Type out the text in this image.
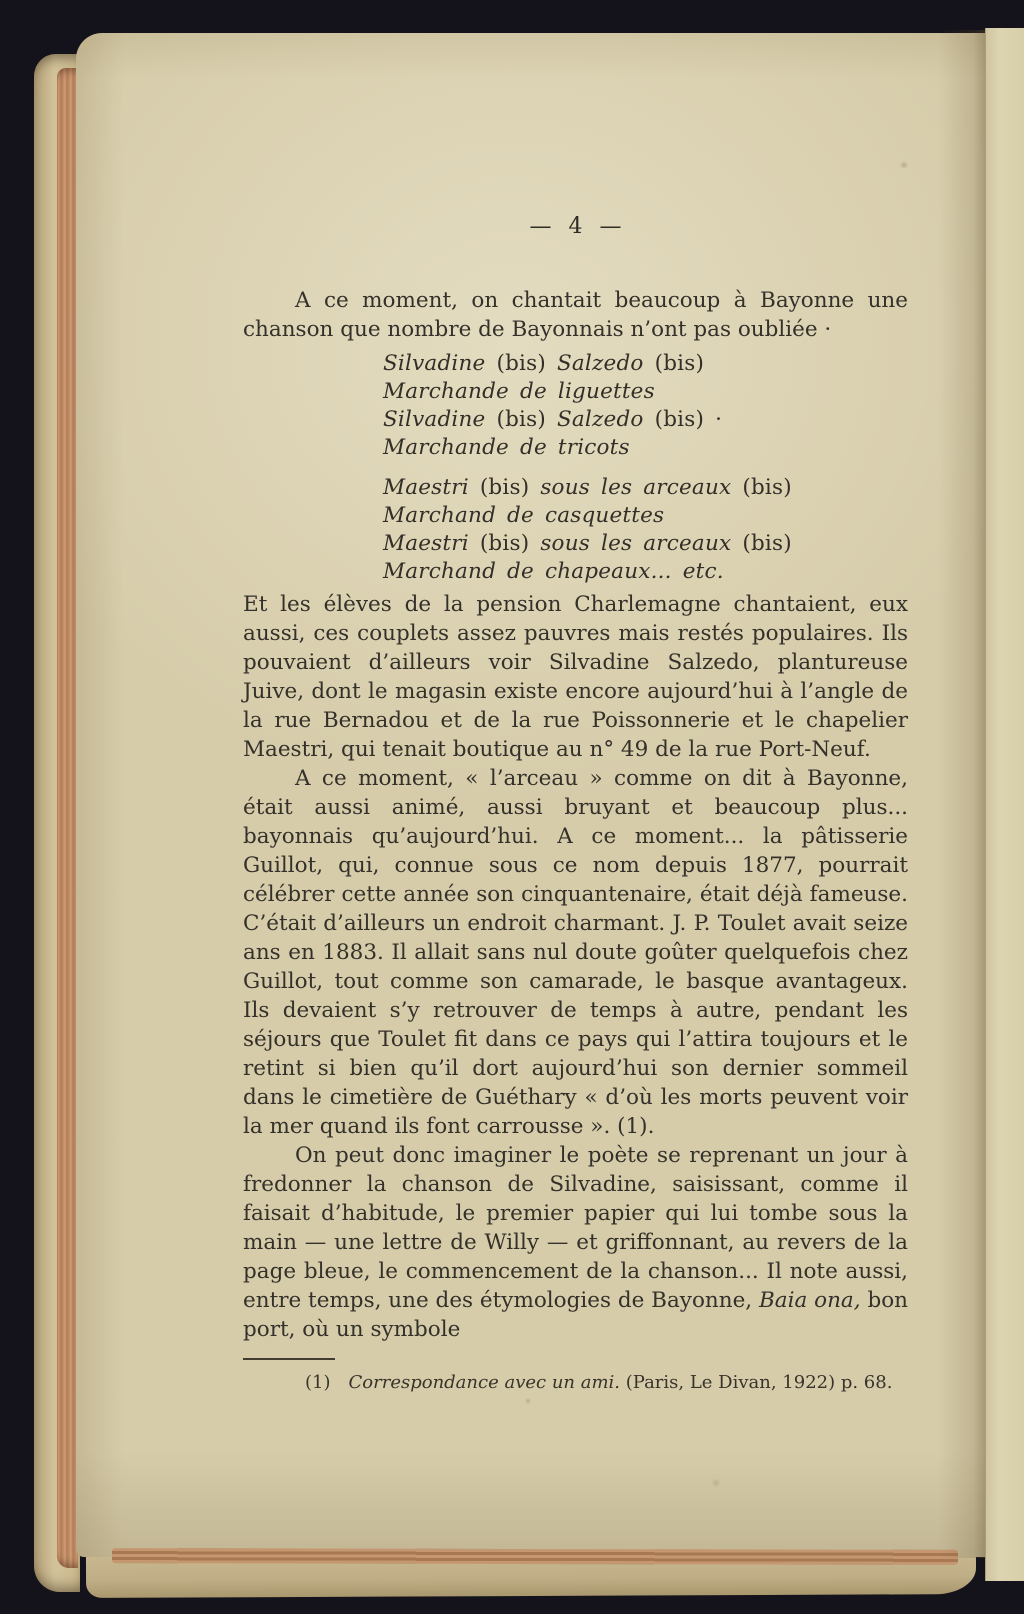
— 4 —

A ce moment, on chantait beaucoup à Bayonne une chanson que nombre de Bayonnais n’ont pas oubliée ·

Silvadine (bis) Salzedo (bis)
Marchande de liguettes
Silvadine (bis) Salzedo (bis) ·
Marchande de tricots
Maestri (bis) sous les arceaux (bis)
Marchand de casquettes
Maestri (bis) sous les arceaux (bis)
Marchand de chapeaux... etc.

Et les élèves de la pension Charlemagne chantaient, eux aussi, ces couplets assez pauvres mais restés populaires. Ils pouvaient d’ailleurs voir Silvadine Salzedo, plantureuse Juive, dont le magasin existe encore aujourd’hui à l’angle de la rue Bernadou et de la rue Poissonnerie et le chapelier Maestri, qui tenait boutique au n° 49 de la rue Port-Neuf.

A ce moment, « l’arceau » comme on dit à Bayonne, était aussi animé, aussi bruyant et beaucoup plus... bayonnais qu’aujourd’hui. A ce moment... la pâtisserie Guillot, qui, connue sous ce nom depuis 1877, pourrait célébrer cette année son cinquantenaire, était déjà fameuse. C’était d’ailleurs un endroit charmant. J. P. Toulet avait seize ans en 1883. Il allait sans nul doute goûter quelquefois chez Guillot, tout comme son camarade, le basque avantageux. Ils devaient s’y retrouver de temps à autre, pendant les séjours que Toulet fit dans ce pays qui l’attira toujours et le retint si bien qu’il dort aujourd’hui son dernier sommeil dans le cimetière de Guéthary « d’où les morts peuvent voir la mer quand ils font carrousse ». (1).

On peut donc imaginer le poète se reprenant un jour à fredonner la chanson de Silvadine, saisissant, comme il faisait d’habitude, le premier papier qui lui tombe sous la main — une lettre de Willy — et griffonnant, au revers de la page bleue, le commencement de la chanson... Il note aussi, entre temps, une des étymologies de Bayonne, Baia ona, bon port, où un symbole

(1) Correspondance avec un ami. (Paris, Le Divan, 1922) p. 68.
